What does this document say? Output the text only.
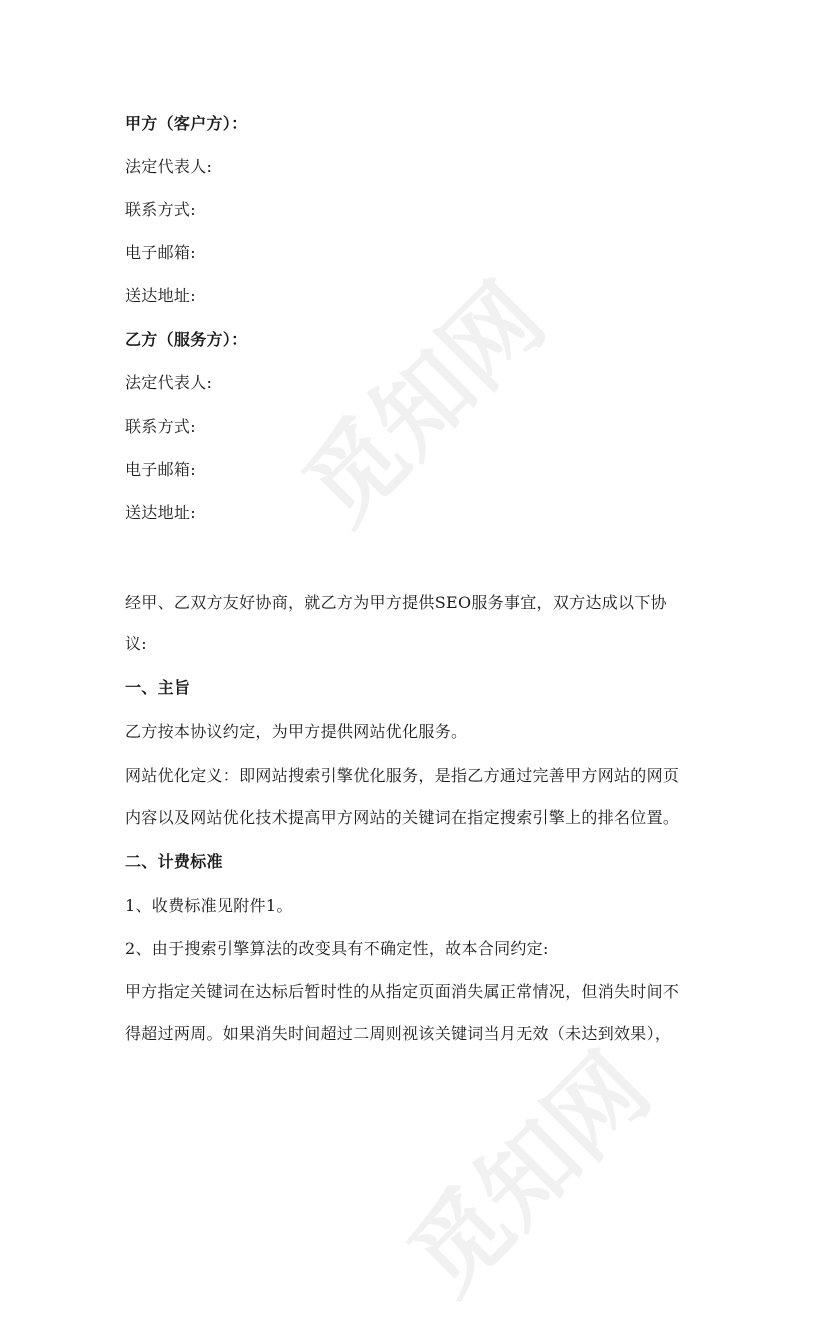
觅知网
觅知网
甲方（客户方）：
法定代表人:
联系方式:
电子邮箱:
送达地址:
乙方（服务方）：
法定代表人:
联系方式:
电子邮箱:
送达地址:
经甲、乙双方友好协商，就乙方为甲方提供SEO服务事宜，双方达成以下协
议:
一、主旨
乙方按本协议约定，为甲方提供网站优化服务。
网站优化定义：即网站搜索引擎优化服务，是指乙方通过完善甲方网站的网页
内容以及网站优化技术提高甲方网站的关键词在指定搜索引擎上的排名位置。
二、计费标准
1、收费标准见附件1。
2、由于搜索引擎算法的改变具有不确定性，故本合同约定:
甲方指定关键词在达标后暂时性的从指定页面消失属正常情况，但消失时间不
得超过两周。如果消失时间超过二周则视该关键词当月无效（未达到效果），
